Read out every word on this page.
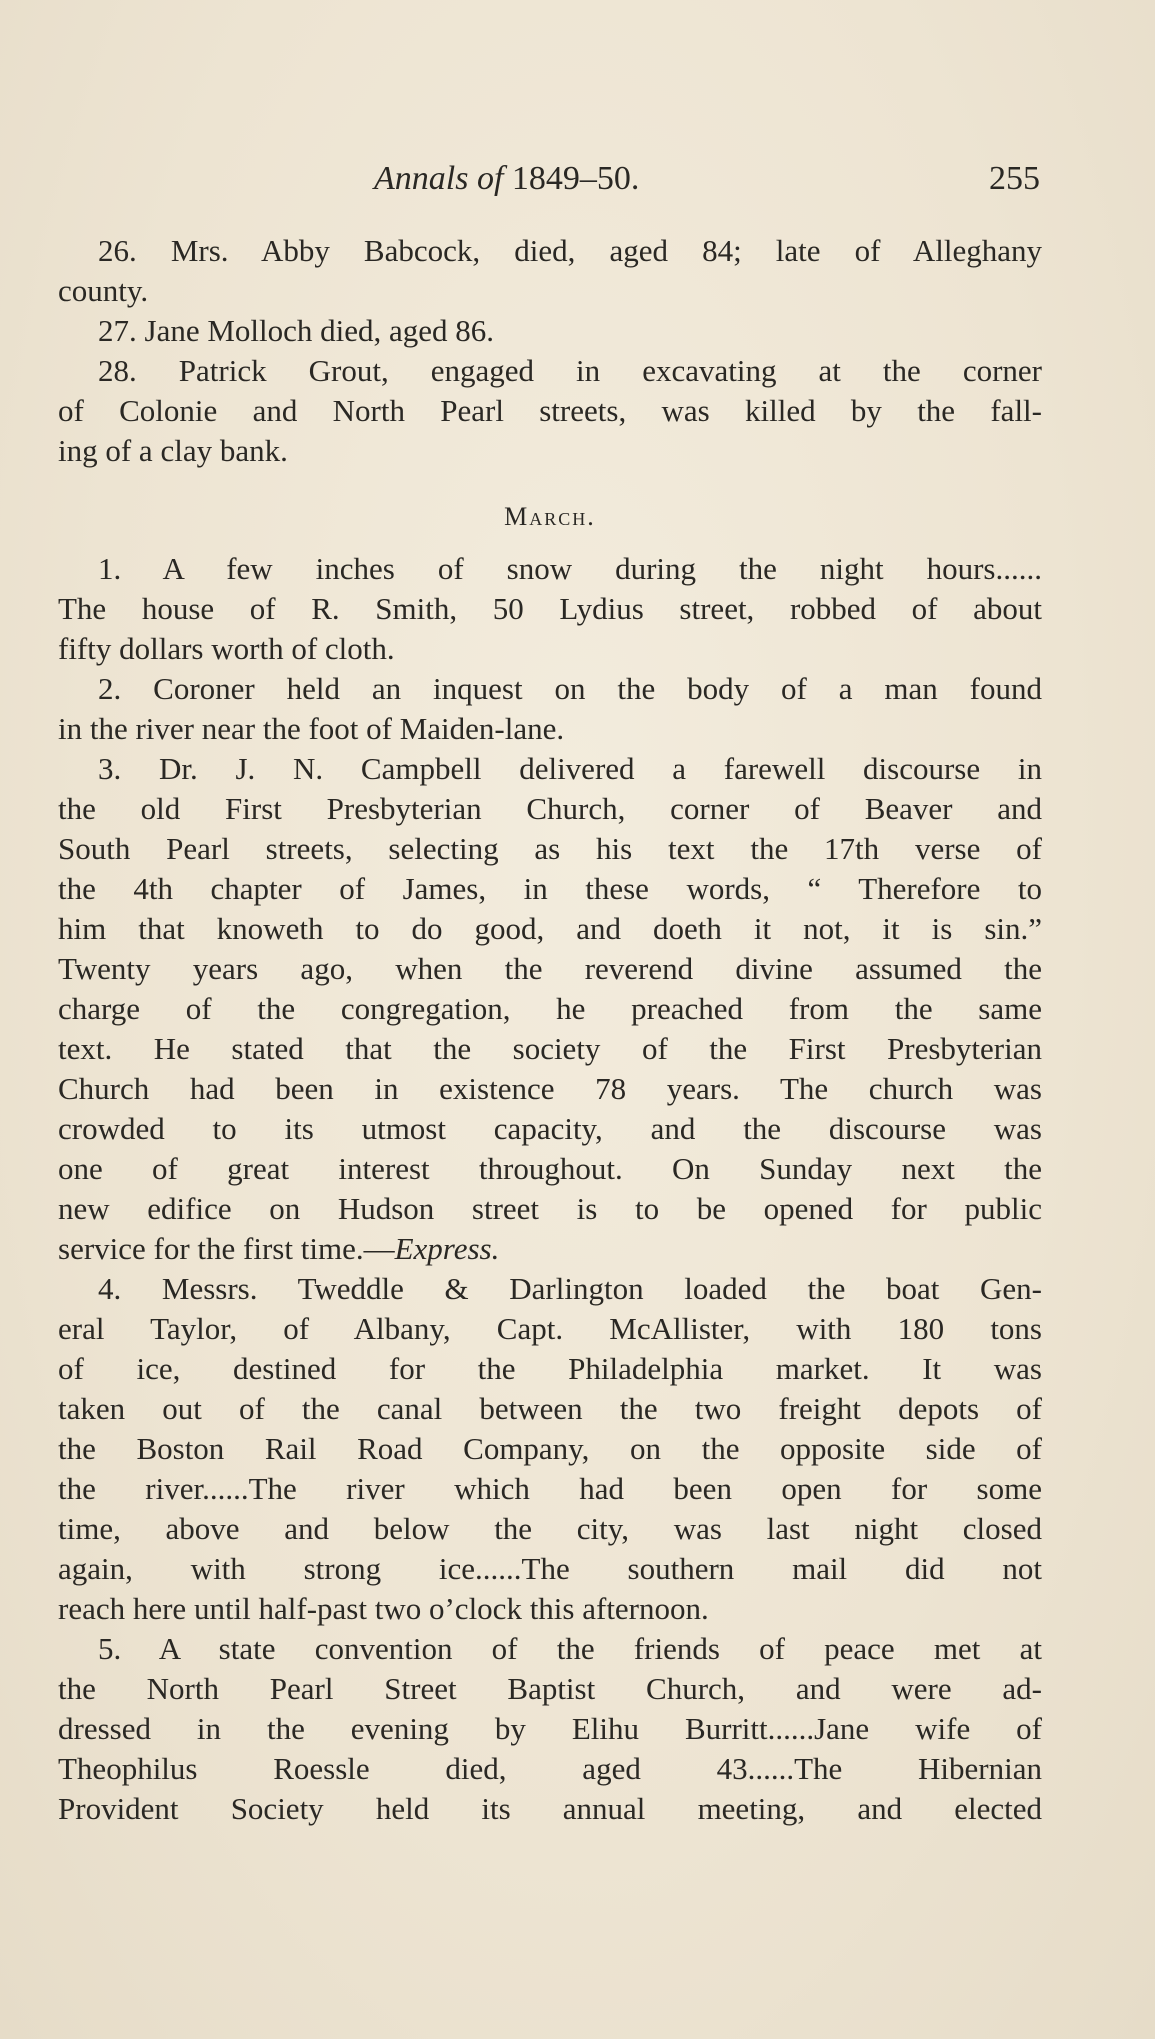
Annals of 1849–50.	255
26. Mrs. Abby Babcock, died, aged 84; late of Alleghany
county.
27. Jane Molloch died, aged 86.
28. Patrick Grout, engaged in excavating at the corner
of Colonie and North Pearl streets, was killed by the fall-
ing of a clay bank.
March.
1. A few inches of snow during the night hours......
The house of R. Smith, 50 Lydius street, robbed of about
fifty dollars worth of cloth.
2. Coroner held an inquest on the body of a man found
in the river near the foot of Maiden-lane.
3. Dr. J. N. Campbell delivered a farewell discourse in
the old First Presbyterian Church, corner of Beaver and
South Pearl streets, selecting as his text the 17th verse of
the 4th chapter of James, in these words, “ Therefore to
him that knoweth to do good, and doeth it not, it is sin.”
Twenty years ago, when the reverend divine assumed the
charge of the congregation, he preached from the same
text. He stated that the society of the First Presbyterian
Church had been in existence 78 years. The church was
crowded to its utmost capacity, and the discourse was
one of great interest throughout. On Sunday next the
new edifice on Hudson street is to be opened for public
service for the first time.—Express.
4. Messrs. Tweddle & Darlington loaded the boat Gen-
eral Taylor, of Albany, Capt. McAllister, with 180 tons
of ice, destined for the Philadelphia market. It was
taken out of the canal between the two freight depots of
the Boston Rail Road Company, on the opposite side of
the river......The river which had been open for some
time, above and below the city, was last night closed
again, with strong ice......The southern mail did not
reach here until half-past two o’clock this afternoon.
5. A state convention of the friends of peace met at
the North Pearl Street Baptist Church, and were ad-
dressed in the evening by Elihu Burritt......Jane wife of
Theophilus Roessle died, aged 43......The Hibernian
Provident Society held its annual meeting, and elected
